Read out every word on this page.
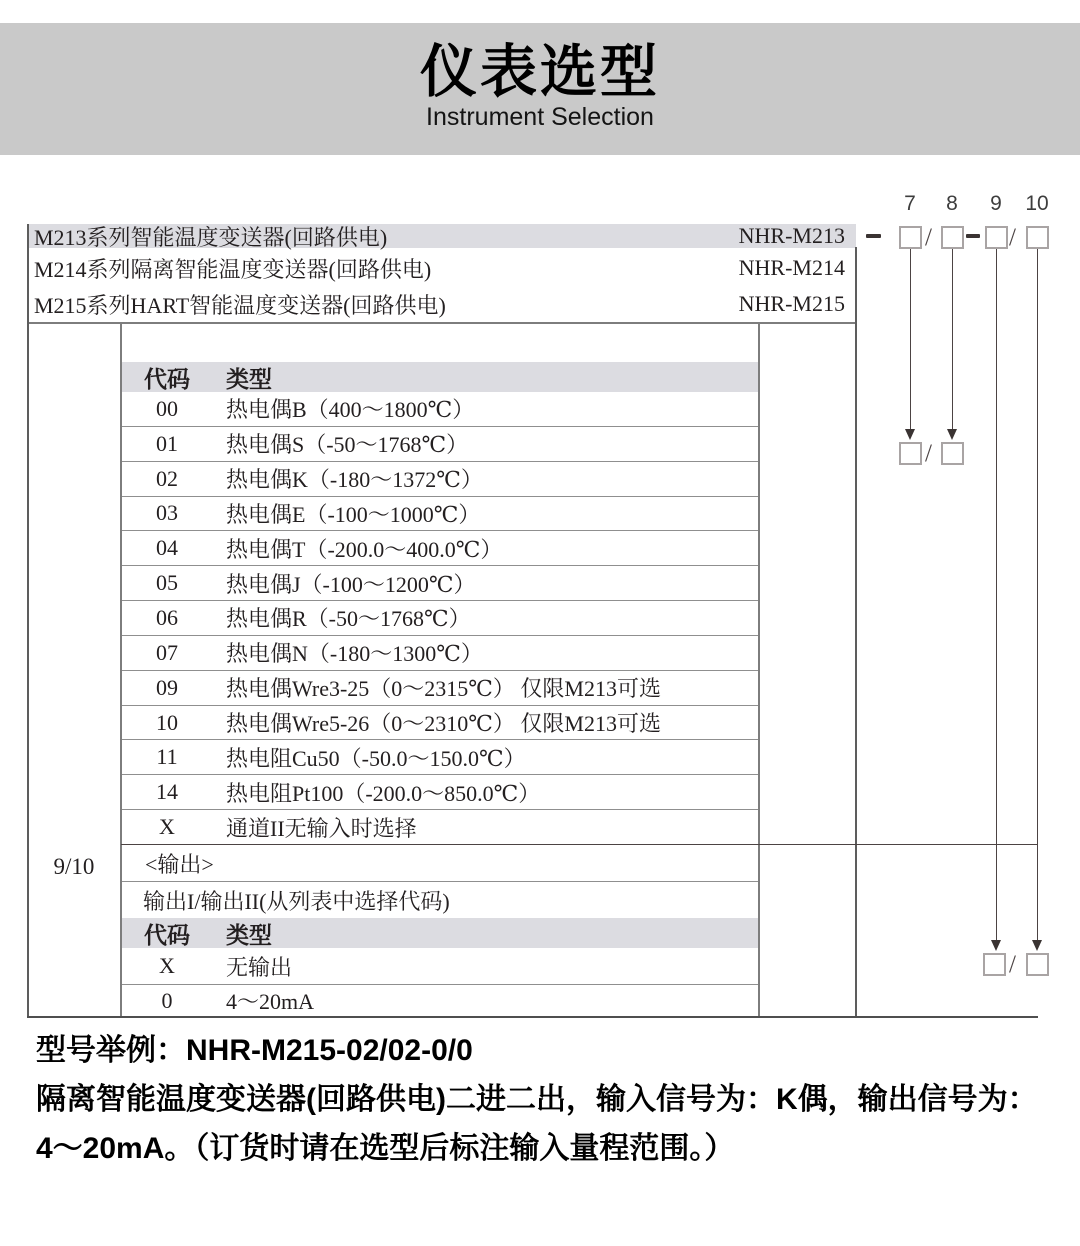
仪表选型
Instrument Selection
M213系列智能温度变送器(回路供电)	NHR-M213
M214系列隔离智能温度变送器(回路供电)	NHR-M214
M215系列HART智能温度变送器(回路供电)	NHR-M215
代码	类型
00	热电偶B（400～1800℃）
01	热电偶S（-50～1768℃）
02	热电偶K（-180～1372℃）
03	热电偶E（-100～1000℃）
04	热电偶T（-200.0～400.0℃）
05	热电偶J（-100～1200℃）
06	热电偶R（-50～1768℃）
07	热电偶N（-180～1300℃）
09	热电偶Wre3-25（0～2315℃） 仅限M213可选
10	热电偶Wre5-26（0～2310℃） 仅限M213可选
11	热电阻Cu50（-50.0～150.0℃）
14	热电阻Pt100（-200.0～850.0℃）
X	通道II无输入时选择
9/10	<输出>
输出I/输出II(从列表中选择代码)
代码	类型
X	无输出
0	4～20mA
7	8	9	10
/	/
/
/
型号举例：NHR-M215-02/02-0/0
隔离智能温度变送器(回路供电)二进二出，输入信号为：K偶，输出信号为：
4～20mA。（订货时请在选型后标注输入量程范围。）
